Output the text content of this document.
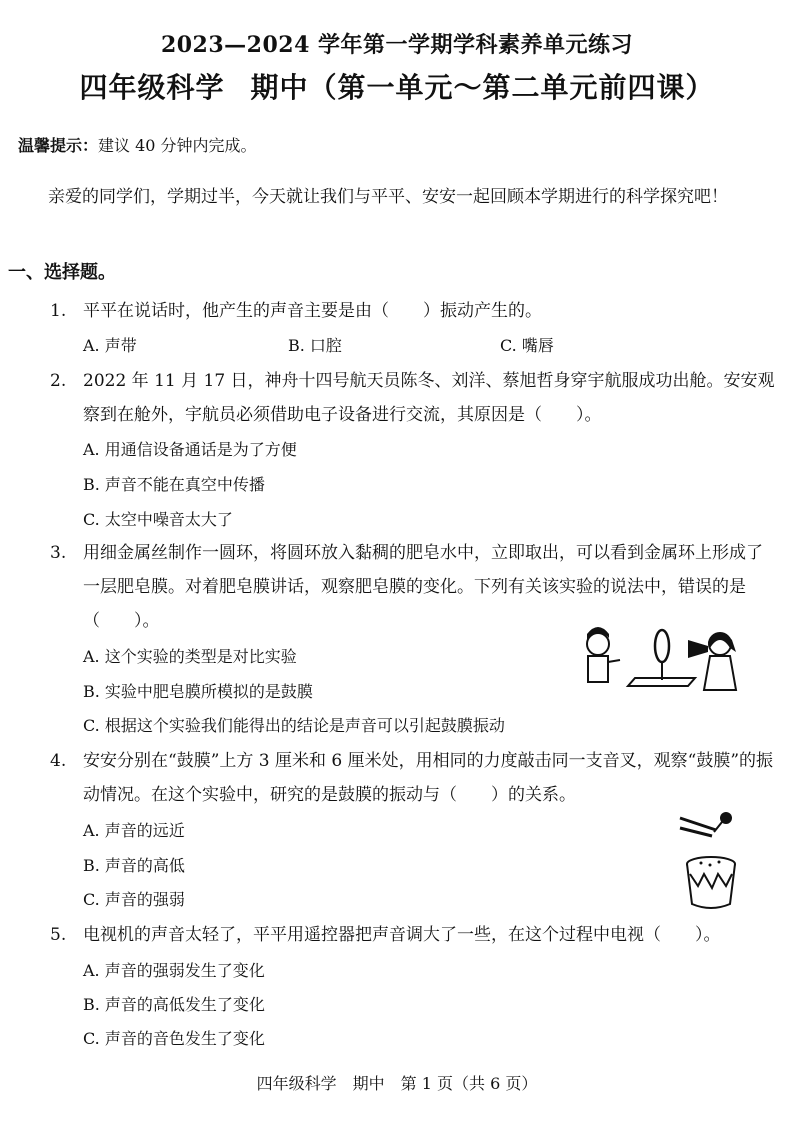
2023—2024 学年第一学期学科素养单元练习
四年级科学 期中（第一单元～第二单元前四课）
温馨提示：建议 40 分钟内完成。
亲爱的同学们，学期过半，今天就让我们与平平、安安一起回顾本学期进行的科学探究吧！
一、选择题。
1. 平平在说话时，他产生的声音主要是由（　　）振动产生的。
A. 声带	B. 口腔	C. 嘴唇
2. 2022 年 11 月 17 日，神舟十四号航天员陈冬、刘洋、蔡旭哲身穿宇航服成功出舱。安安观察到在舱外，宇航员必须借助电子设备进行交流，其原因是（　　）。
A. 用通信设备通话是为了方便
B. 声音不能在真空中传播
C. 太空中噪音太大了
3. 用细金属丝制作一圆环，将圆环放入黏稠的肥皂水中，立即取出，可以看到金属环上形成了一层肥皂膜。对着肥皂膜讲话，观察肥皂膜的变化。下列有关该实验的说法中，错误的是（　　）。
A. 这个实验的类型是对比实验
B. 实验中肥皂膜所模拟的是鼓膜
C. 根据这个实验我们能得出的结论是声音可以引起鼓膜振动
4. 安安分别在“鼓膜”上方 3 厘米和 6 厘米处，用相同的力度敲击同一支音叉，观察“鼓膜”的振动情况。在这个实验中，研究的是鼓膜的振动与（　　）的关系。
A. 声音的远近
B. 声音的高低
C. 声音的强弱
5. 电视机的声音太轻了，平平用遥控器把声音调大了一些，在这个过程中电视（　　）。
A. 声音的强弱发生了变化
B. 声音的高低发生了变化
C. 声音的音色发生了变化
四年级科学　期中　第 1 页（共 6 页）
